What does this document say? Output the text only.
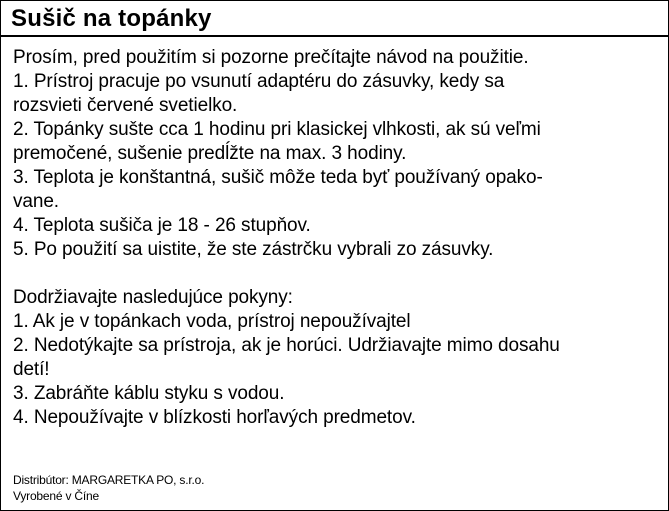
Sušič na topánky

Prosím, pred použitím si pozorne prečítajte návod na použitie.

1. Prístroj pracuje po vsunutí adaptéru do zásuvky, kedy sa

rozsvieti červené svetielko.

2. Topánky sušte cca 1 hodinu pri klasickej vlhkosti, ak sú veľmi

premočené, sušenie predĺžte na max. 3 hodiny.

3. Teplota je konštantná, sušič môže teda byť používaný opako-

vane.

4. Teplota sušiča je 18 - 26 stupňov.

5. Po použití sa uistite, že ste zástrčku vybrali zo zásuvky.

Dodržiavajte nasledujúce pokyny:

1. Ak je v topánkach voda, prístroj nepoužívajtel

2. Nedotýkajte sa prístroja, ak je horúci. Udržiavajte mimo dosahu

detí!

3. Zabráňte káblu styku s vodou.

4. Nepoužívajte v blízkosti horľavých predmetov.

Distribútor: MARGARETKA PO, s.r.o.

Vyrobené v Číne
